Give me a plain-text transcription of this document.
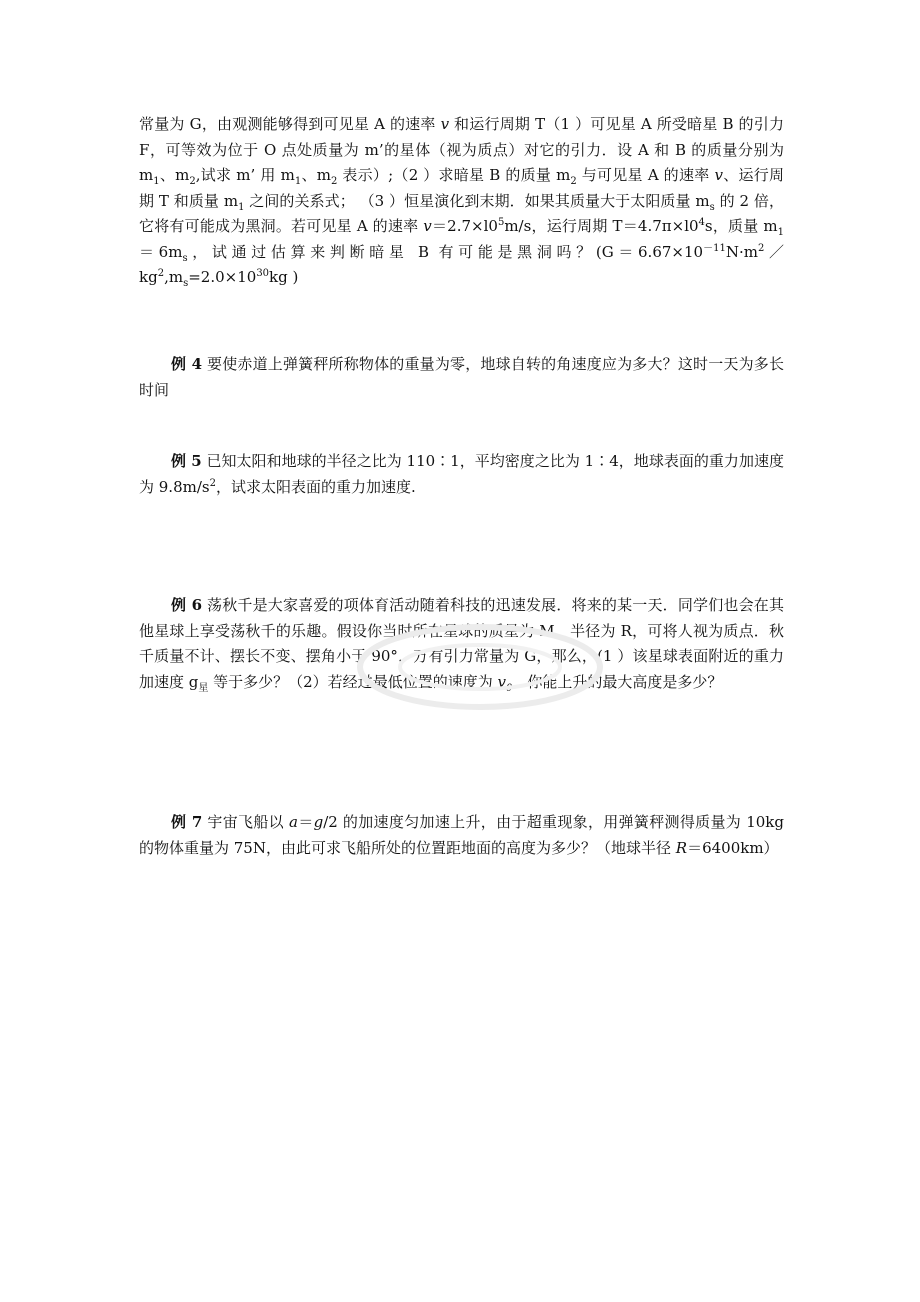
常量为 G，由观测能够得到可见星 A 的速率 v 和运行周期 T（1 ）可见星 A 所受暗星 B 的引力 F，可等效为位于 O 点处质量为 m’的星体（视为质点）对它的引力．设 A 和 B 的质量分别为 $m_1$、$m_2$,试求 m’ 用 $m_1$、$m_2$ 表示）;（2 ）求暗星 B 的质量 $m_2$ 与可见星 A 的速率 v、运行周期 T 和质量 $m_1$ 之间的关系式； （3 ）恒星演化到末期．如果其质量大于太阳质量 $m_s$ 的 2 倍，它将有可能成为黑洞。若可见星 A 的速率 $v=2.7\times l0^5m/s$，运行周期 $T=4.7\pi\times l0^4s$，质量 $m_1=6m_s$，试通过估算来判断暗星 B 有可能是黑洞吗？($G=6.67\times 10^{-11}N\cdot m^2/kg^2,m_s=2.0\times 10^{30}kg$ )

例 4 要使赤道上弹簧秤所称物体的重量为零，地球自转的角速度应为多大？这时一天为多长时间

例 5 已知太阳和地球的半径之比为 110∶1，平均密度之比为 1∶4，地球表面的重力加速度为 $9.8m/s^2$，试求太阳表面的重力加速度.

例 6 荡秋千是大家喜爱的项体育活动随着科技的迅速发展．将来的某一天．同学们也会在其他星球上享受荡秋千的乐趣。假设你当时所在星球的质星为 M、半径为 R，可将人视为质点．秋千质量不计、摆长不变、摆角小于 90°，万有引力常量为 G，那么，(1 ）该星球表面附近的重力加速度 $g_星$ 等于多少？（2）若经过最低位置的速度为 $v_0$．你能上升的最大高度是多少？

例 7 宇宙飞船以 a＝g/2 的加速度匀加速上升，由于超重现象，用弹簧秤测得质量为 10kg 的物体重量为 75N，由此可求飞船所处的位置距地面的高度为多少？（地球半径 R＝6400km）
